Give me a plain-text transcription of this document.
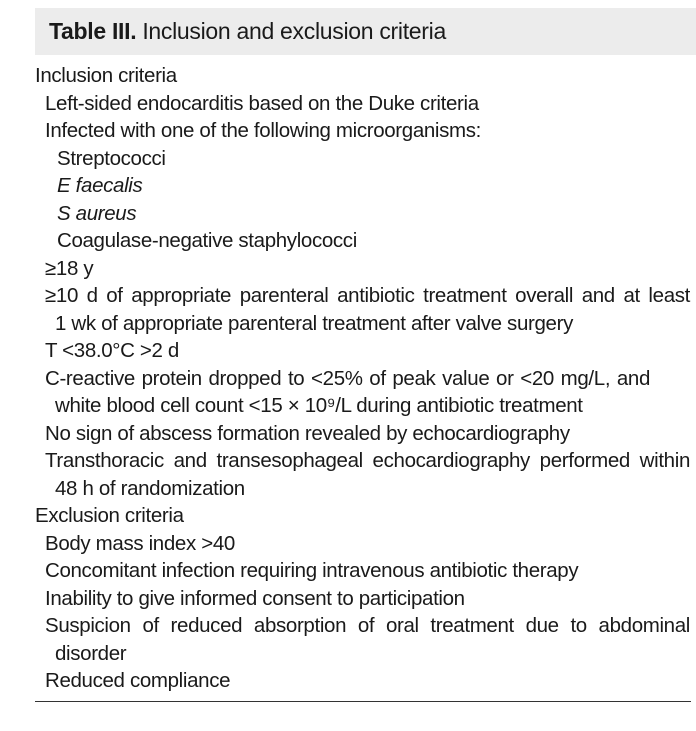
Table III. Inclusion and exclusion criteria
Inclusion criteria
Left-sided endocarditis based on the Duke criteria
Infected with one of the following microorganisms:
Streptococci
E faecalis
S aureus
Coagulase-negative staphylococci
≥18 y
≥10 d of appropriate parenteral antibiotic treatment overall and at least
1 wk of appropriate parenteral treatment after valve surgery
T <38.0°C >2 d
C-reactive protein dropped to <25% of peak value or <20 mg/L, and
white blood cell count <15 × 10⁹/L during antibiotic treatment
No sign of abscess formation revealed by echocardiography
Transthoracic and transesophageal echocardiography performed within
48 h of randomization
Exclusion criteria
Body mass index >40
Concomitant infection requiring intravenous antibiotic therapy
Inability to give informed consent to participation
Suspicion of reduced absorption of oral treatment due to abdominal
disorder
Reduced compliance
